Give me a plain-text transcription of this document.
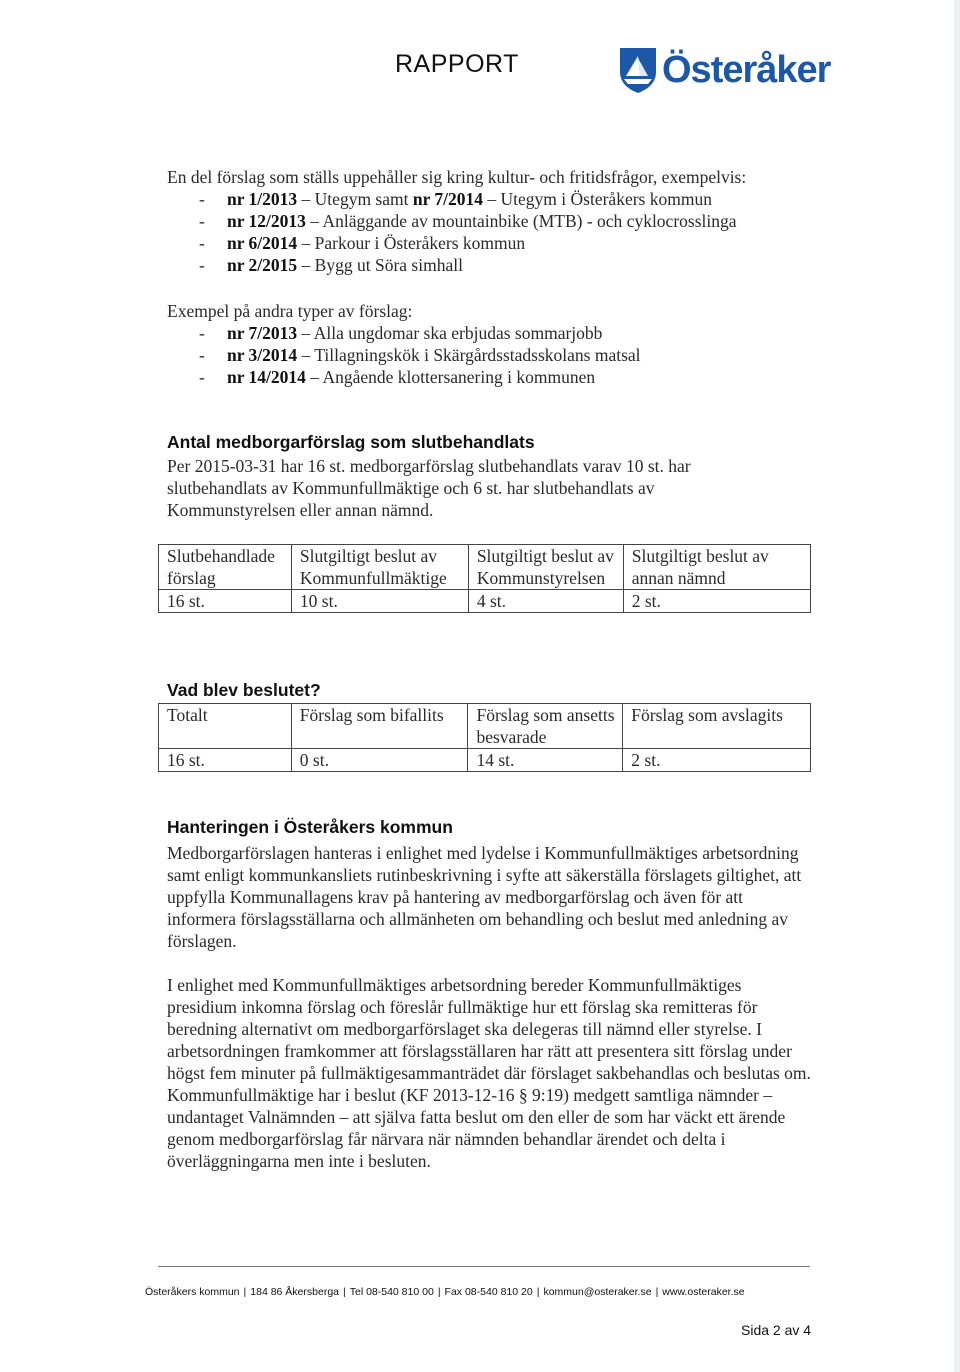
RAPPORT	Österåker

En del förslag som ställs uppehåller sig kring kultur- och fritidsfrågor, exempelvis:

- nr 1/2013 – Utegym samt nr 7/2014 – Utegym i Österåkers kommun
- nr 12/2013 – Anläggande av mountainbike (MTB) - och cyklocrosslinga
- nr 6/2014 – Parkour i Österåkers kommun
- nr 2/2015 – Bygg ut Söra simhall

Exempel på andra typer av förslag:

- nr 7/2013 – Alla ungdomar ska erbjudas sommarjobb
- nr 3/2014 – Tillagningskök i Skärgårdsstadsskolans matsal
- nr 14/2014 – Angående klottersanering i kommunen
Antal medborgarförslag som slutbehandlats

Per 2015-03-31 har 16 st. medborgarförslag slutbehandlats varav 10 st. har slutbehandlats av Kommunfullmäktige och 6 st. har slutbehandlats av Kommunstyrelsen eller annan nämnd.

Slutbehandlade förslag	Slutgiltigt beslut av Kommunfullmäktige	Slutgiltigt beslut av Kommunstyrelsen	Slutgiltigt beslut av annan nämnd
16 st.	10 st.	4 st.	2 st.
Vad blev beslutet?
Totalt	Förslag som bifallits	Förslag som ansetts besvarade	Förslag som avslagits
16 st.	0 st.	14 st.	2 st.
Hanteringen i Österåkers kommun

Medborgarförslagen hanteras i enlighet med lydelse i Kommunfullmäktiges arbetsordning samt enligt kommunkansliets rutinbeskrivning i syfte att säkerställa förslagets giltighet, att uppfylla Kommunallagens krav på hantering av medborgarförslag och även för att informera förslagsställarna och allmänheten om behandling och beslut med anledning av förslagen.

I enlighet med Kommunfullmäktiges arbetsordning bereder Kommunfullmäktiges presidium inkomna förslag och föreslår fullmäktige hur ett förslag ska remitteras för beredning alternativt om medborgarförslaget ska delegeras till nämnd eller styrelse. I arbetsordningen framkommer att förslagsställaren har rätt att presentera sitt förslag under högst fem minuter på fullmäktigesammanträdet där förslaget sakbehandlas och beslutas om. Kommunfullmäktige har i beslut (KF 2013-12-16 § 9:19) medgett samtliga nämnder – undantaget Valnämnden – att själva fatta beslut om den eller de som har väckt ett ärende genom medborgarförslag får närvara när nämnden behandlar ärendet och delta i överläggningarna men inte i besluten.

Österåkers kommun | 184 86 Åkersberga | Tel 08-540 810 00 | Fax 08-540 810 20 | kommun@osteraker.se | www.osteraker.se
Sida 2 av 4
